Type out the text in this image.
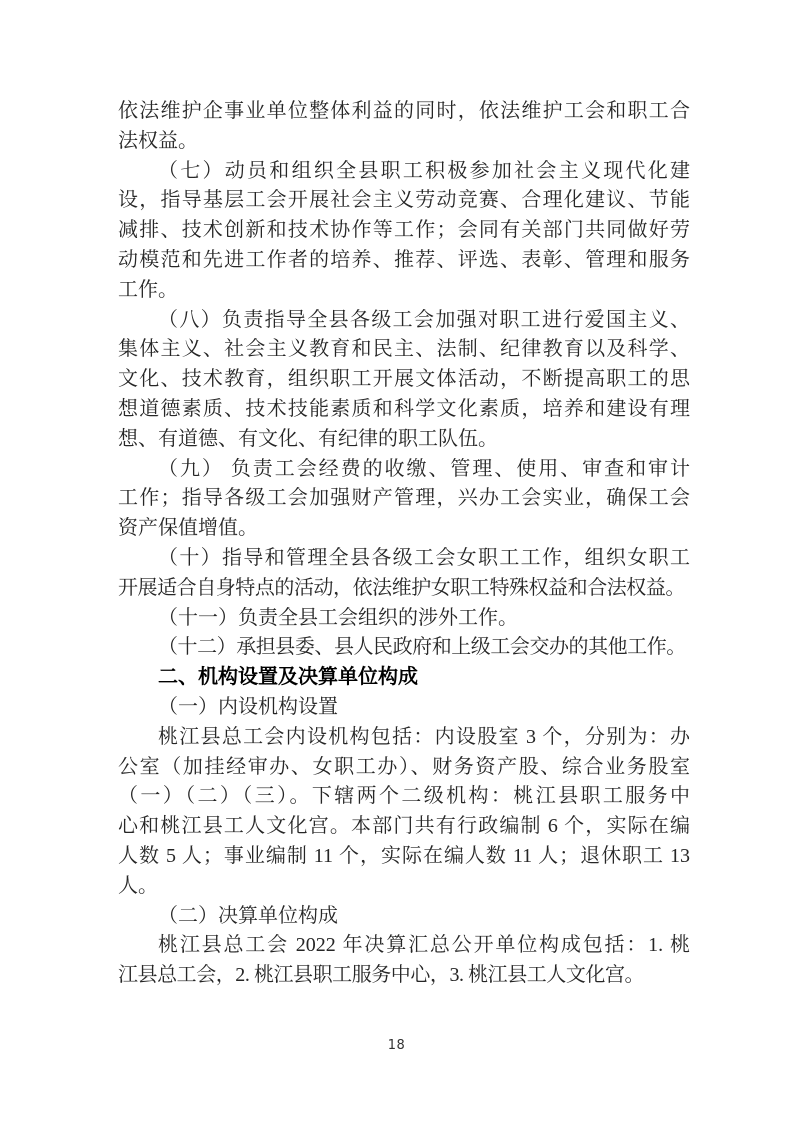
依法维护企事业单位整体利益的同时，依法维护工会和职工合
法权益。
（七）动员和组织全县职工积极参加社会主义现代化建
设，指导基层工会开展社会主义劳动竞赛、合理化建议、节能
减排、技术创新和技术协作等工作；会同有关部门共同做好劳
动模范和先进工作者的培养、推荐、评选、表彰、管理和服务
工作。
（八）负责指导全县各级工会加强对职工进行爱国主义、
集体主义、社会主义教育和民主、法制、纪律教育以及科学、
文化、技术教育，组织职工开展文体活动，不断提高职工的思
想道德素质、技术技能素质和科学文化素质，培养和建设有理
想、有道德、有文化、有纪律的职工队伍。
（九） 负责工会经费的收缴、管理、使用、审查和审计
工作；指导各级工会加强财产管理，兴办工会实业，确保工会
资产保值增值。
（十）指导和管理全县各级工会女职工工作，组织女职工
开展适合自身特点的活动，依法维护女职工特殊权益和合法权益。
（十一）负责全县工会组织的涉外工作。
（十二）承担县委、县人民政府和上级工会交办的其他工作。
二、机构设置及决算单位构成
（一）内设机构设置
桃江县总工会内设机构包括：内设股室 3 个，分别为：办
公室（加挂经审办、女职工办）、财务资产股、综合业务股室
（一）（二）（三）。下辖两个二级机构：桃江县职工服务中
心和桃江县工人文化宫。本部门共有行政编制 6 个，实际在编
人数 5 人；事业编制 11 个，实际在编人数 11 人；退休职工 13
人。
（二）决算单位构成
桃江县总工会 2022 年决算汇总公开单位构成包括：1. 桃
江县总工会，2. 桃江县职工服务中心，3. 桃江县工人文化宫。
18
